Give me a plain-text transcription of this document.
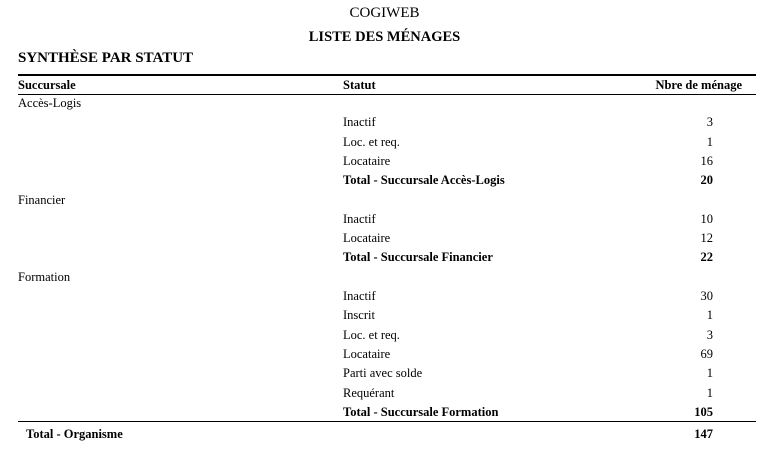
COGIWEB
LISTE DES MÉNAGES
SYNTHÈSE PAR STATUT
Succursale	Statut	Nbre de ménage
Accès-Logis
Inactif	3
Loc. et req.	1
Locataire	16
Total - Succursale Accès-Logis	20
Financier
Inactif	10
Locataire	12
Total - Succursale Financier	22
Formation
Inactif	30
Inscrit	1
Loc. et req.	3
Locataire	69
Parti avec solde	1
Requérant	1
Total - Succursale Formation	105
Total - Organisme	147
